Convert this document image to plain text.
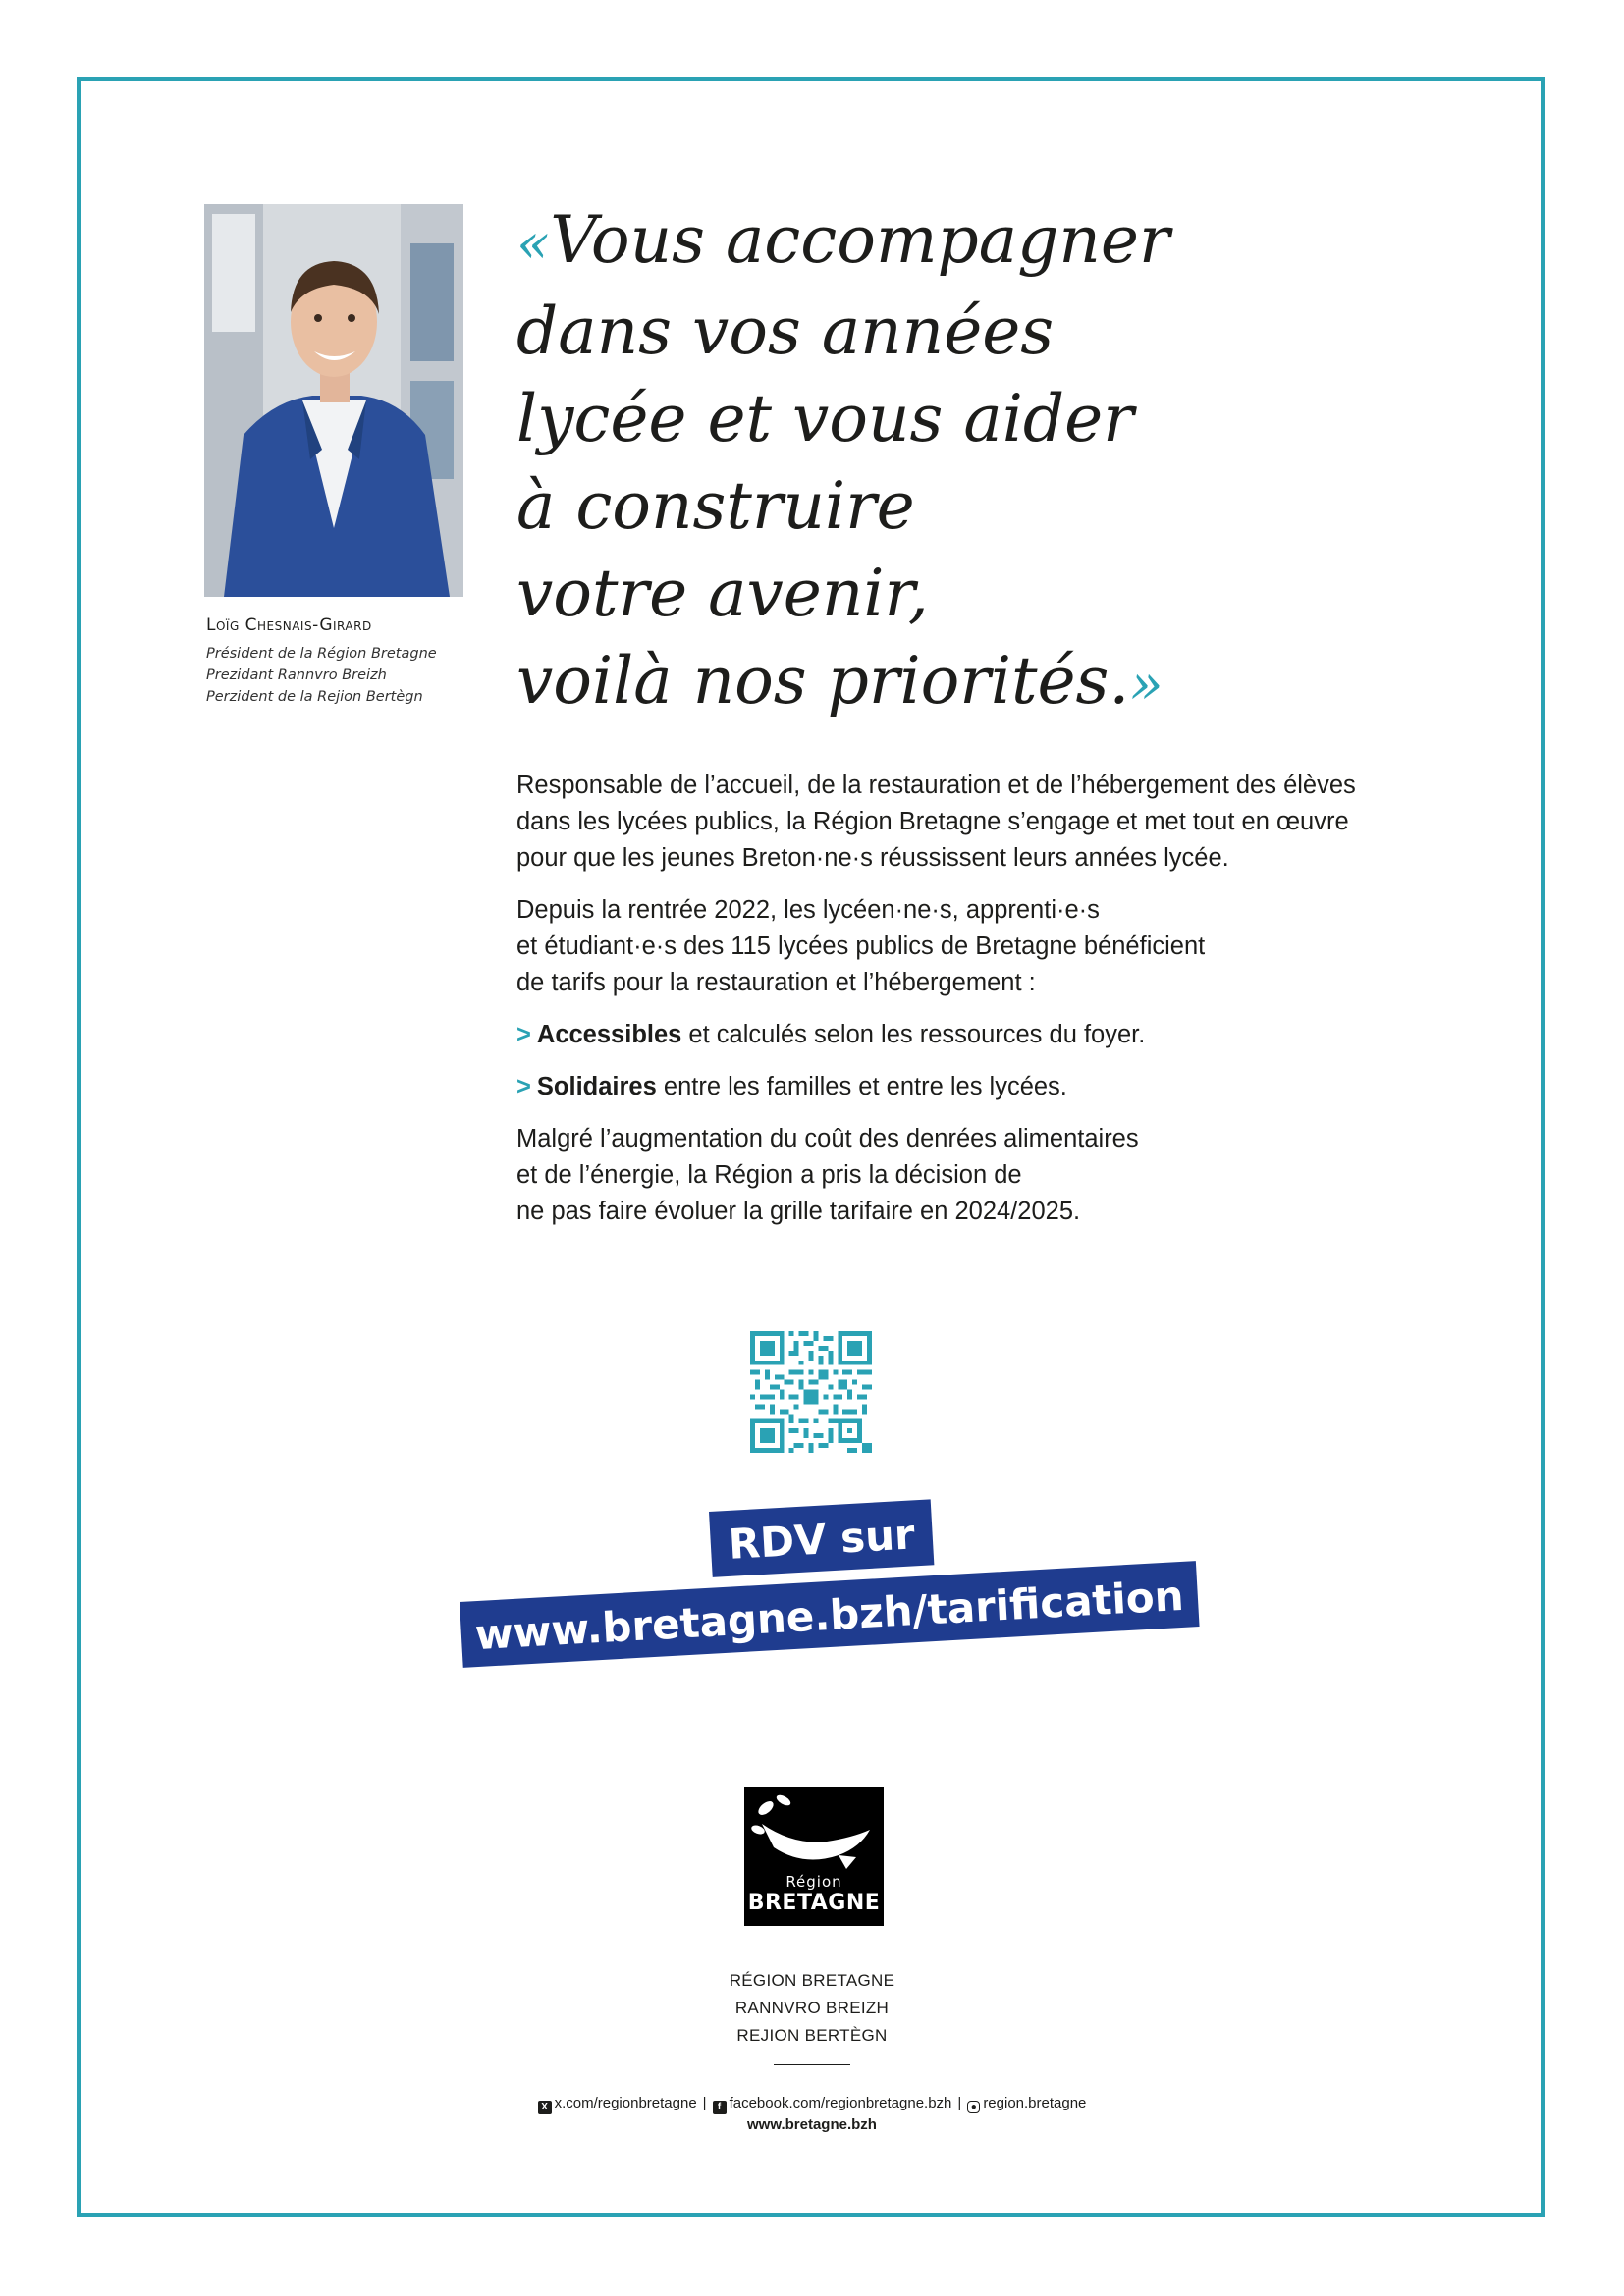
© Région Bretagne
Loïg Chesnais-Girard
Président de la Région Bretagne
Prezidant Rannvro Breizh
Perzident de la Rejion Bertègn
«Vous accompagner
dans vos années
lycée et vous aider
à construire
votre avenir,
voilà nos priorités.»

Responsable de l’accueil, de la restauration et de l’hébergement des élèves
dans les lycées publics, la Région Bretagne s’engage et met tout en œuvre
pour que les jeunes Breton·ne·s réussissent leurs années lycée.

Depuis la rentrée 2022, les lycéen·ne·s, apprenti·e·s
et étudiant·e·s des 115 lycées publics de Bretagne bénéficient
de tarifs pour la restauration et l’hébergement :

> Accessibles et calculés selon les ressources du foyer.
> Solidaires entre les familles et entre les lycées.

Malgré l’augmentation du coût des denrées alimentaires
et de l’énergie, la Région a pris la décision de
ne pas faire évoluer la grille tarifaire en 2024/2025.

RDV sur
www.bretagne.bzh/tarification
Région
BRETAGNE
RÉGION BRETAGNE
RANNVRO BREIZH
REJION BERTÈGN
X x.com/regionbretagne | f facebook.com/regionbretagne.bzh | ● region.bretagne
www.bretagne.bzh
